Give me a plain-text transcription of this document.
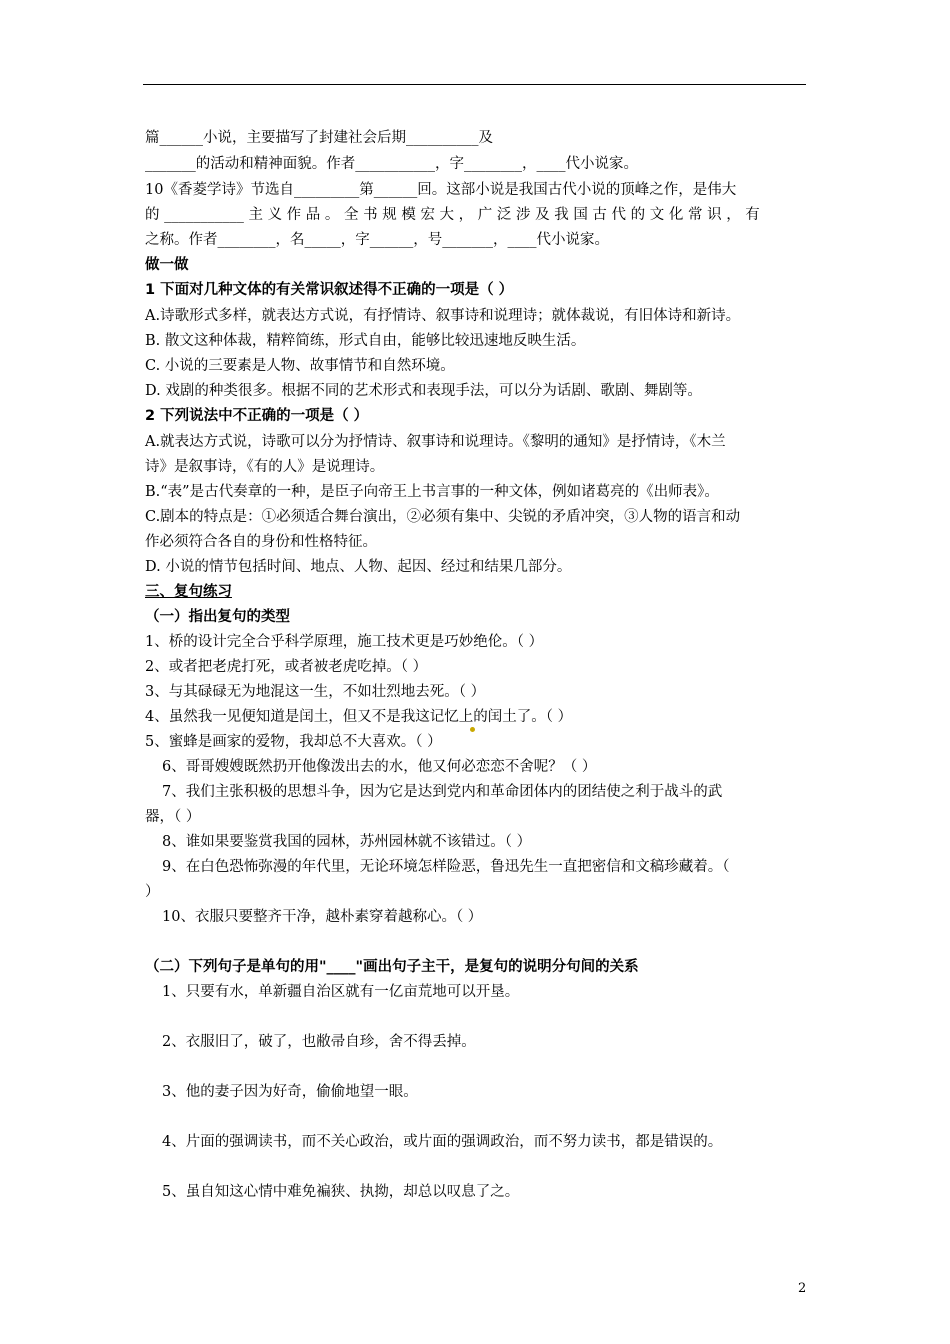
篇______小说，主要描写了封建社会后期__________及
_______的活动和精神面貌。作者___________，字________，____代小说家。
10《香菱学诗》节选自_________第______回。这部小说是我国古代小说的顶峰之作，是伟大
的 ___________ 主 义 作 品 。 全 书 规 模 宏 大 ， 广 泛 涉 及 我 国 古 代 的 文 化 常 识 ， 有
之称。作者________，名_____，字______，号_______，____代小说家。
做一做
1 下面对几种文体的有关常识叙述得不正确的一项是（ ）
A.诗歌形式多样，就表达方式说，有抒情诗、叙事诗和说理诗；就体裁说，有旧体诗和新诗。
B. 散文这种体裁，精粹简练，形式自由，能够比较迅速地反映生活。
C. 小说的三要素是人物、故事情节和自然环境。
D. 戏剧的种类很多。根据不同的艺术形式和表现手法，可以分为话剧、歌剧、舞剧等。
2 下列说法中不正确的一项是（ ）
A.就表达方式说，诗歌可以分为抒情诗、叙事诗和说理诗。《黎明的通知》是抒情诗，《木兰
诗》是叙事诗，《有的人》是说理诗。
B.“表”是古代奏章的一种，是臣子向帝王上书言事的一种文体，例如诸葛亮的《出师表》。
C.剧本的特点是：①必须适合舞台演出，②必须有集中、尖锐的矛盾冲突，③人物的语言和动
作必须符合各自的身份和性格特征。
D. 小说的情节包括时间、地点、人物、起因、经过和结果几部分。
三、复句练习
（一）指出复句的类型
1、桥的设计完全合乎科学原理，施工技术更是巧妙绝伦。（ ）
2、或者把老虎打死，或者被老虎吃掉。（ ）
3、与其碌碌无为地混这一生，不如壮烈地去死。（ ）
4、虽然我一见便知道是闰土，但又不是我这记忆上的闰土了。（ ）
5、蜜蜂是画家的爱物，我却总不大喜欢。（ ）
6、哥哥嫂嫂既然扔开他像泼出去的水，他又何必恋恋不舍呢？（ ）
7、我们主张积极的思想斗争，因为它是达到党内和革命团体内的团结使之利于战斗的武
器，（ ）
8、谁如果要鉴赏我国的园林，苏州园林就不该错过。（ ）
9、在白色恐怖弥漫的年代里，无论环境怎样险恶，鲁迅先生一直把密信和文稿珍藏着。（
）
10、衣服只要整齐干净，越朴素穿着越称心。（ ）
（二）下列句子是单句的用"____"画出句子主干，是复句的说明分句间的关系
1、只要有水，单新疆自治区就有一亿亩荒地可以开垦。
2、衣服旧了，破了，也敝帚自珍，舍不得丢掉。
3、他的妻子因为好奇，偷偷地望一眼。
4、片面的强调读书，而不关心政治，或片面的强调政治，而不努力读书，都是错误的。
5、虽自知这心情中难免褊狭、执拗，却总以叹息了之。
2
